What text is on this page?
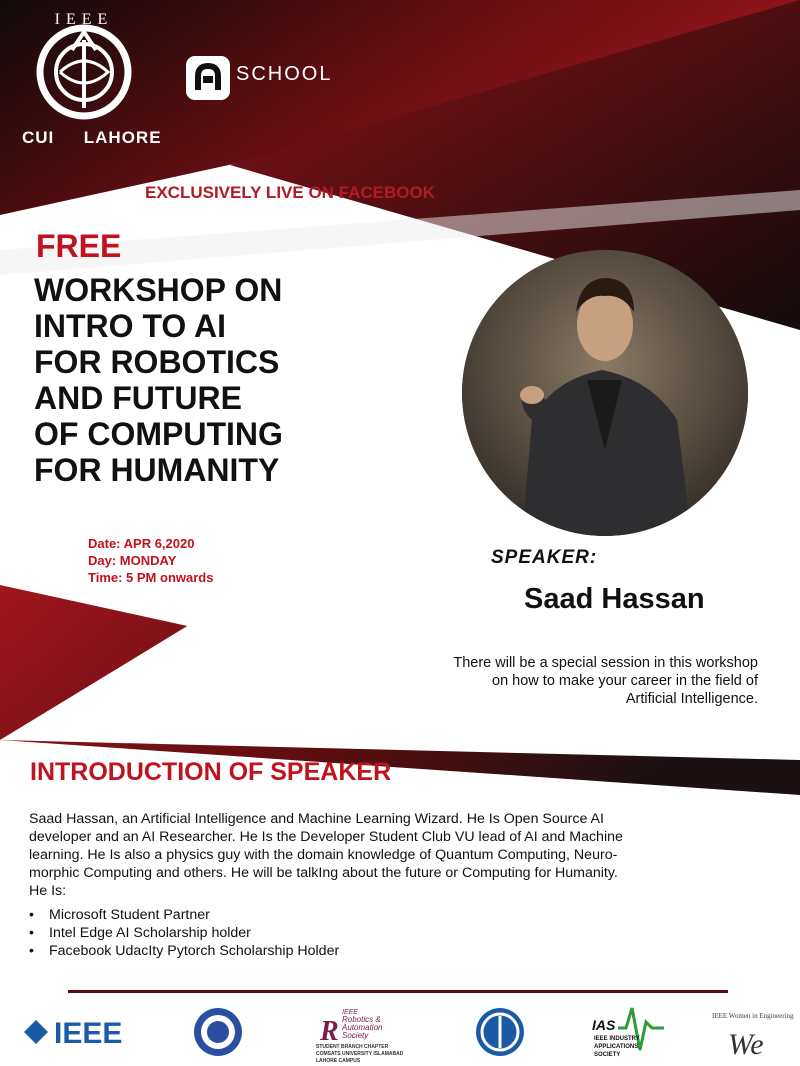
IEEE
CUI LAHORE
SCHOOL
EXCLUSIVELY LIVE ON FACEBOOK
FREE
WORKSHOP ON
INTRO TO AI
FOR ROBOTICS
AND FUTURE
OF COMPUTING
FOR HUMANITY
Date: APR 6,2020
Day: MONDAY
Time: 5 PM onwards
SPEAKER:
Saad Hassan
There will be a special session in this workshop
on how to make your career in the field of
Artificial Intelligence.
INTRODUCTION OF SPEAKER
Saad Hassan, an Artificial Intelligence and Machine Learning Wizard. He Is Open Source AI
developer and an AI Researcher. He Is the Developer Student Club VU lead of AI and Machine
learning. He Is also a physics guy with the domain knowledge of Quantum Computing, Neuro-
morphic Computing and others. He will be talkIng about the future or Computing for Humanity.
He Is:
• Microsoft Student Partner
• Intel Edge AI Scholarship holder
• Facebook UdacIty Pytorch Scholarship Holder
IEEE	R
IEEE
Robotics &
Automation
Society
STUDENT BRANCH CHAPTER
COMSATS UNIVERSITY ISLAMABAD
LAHORE CAMPUS
IAS
IEEE INDUSTRY
APPLICATIONS
SOCIETY
IEEE Women in Engineering
We
